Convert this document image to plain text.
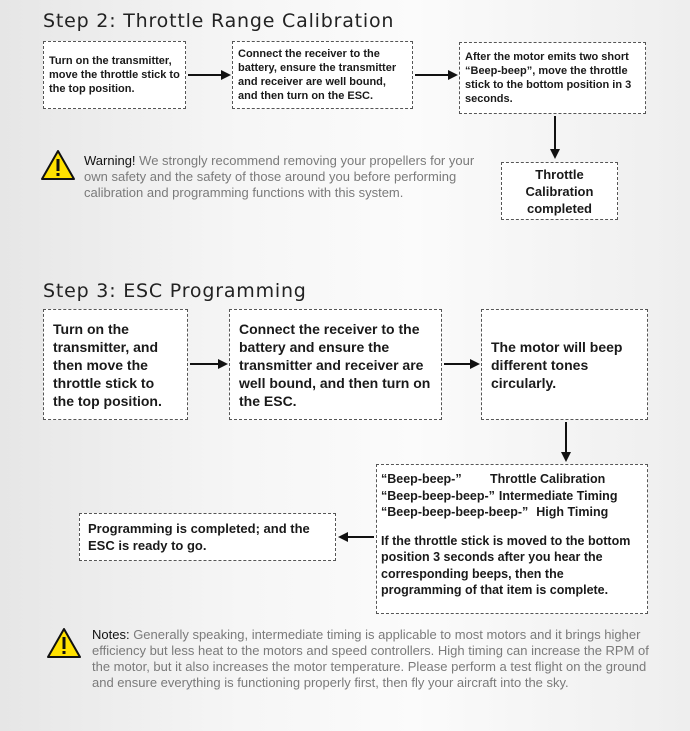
Step 2: Throttle Range Calibration
Turn on the transmitter, move the throttle stick to the top position.
Connect the receiver to the battery, ensure the transmitter and receiver are well bound, and then turn on the ESC.
After the motor emits two short “Beep-beep”, move the throttle stick to the bottom position in 3 seconds.
Throttle Calibration completed
Warning! We strongly recommend removing your propellers for your own safety and the safety of those around you before performing calibration and programming functions with this system.
Step 3: ESC Programming
Turn on the transmitter, and then move the throttle stick to the top position.
Connect the receiver to the battery and ensure the transmitter and receiver are well bound, and then turn on the ESC.
The motor will beep different tones circularly.
“Beep-beep-”	Throttle Calibration
“Beep-beep-beep-” Intermediate Timing
“Beep-beep-beep-beep-” High Timing
If the throttle stick is moved to the bottom position 3 seconds after you hear the corresponding beeps, then the programming of that item is complete.
Programming is completed; and the ESC is ready to go.
Notes: Generally speaking, intermediate timing is applicable to most motors and it brings higher efficiency but less heat to the motors and speed controllers. High timing can increase the RPM of the motor, but it also increases the motor temperature. Please perform a test flight on the ground and ensure everything is functioning properly first, then fly your aircraft into the sky.
